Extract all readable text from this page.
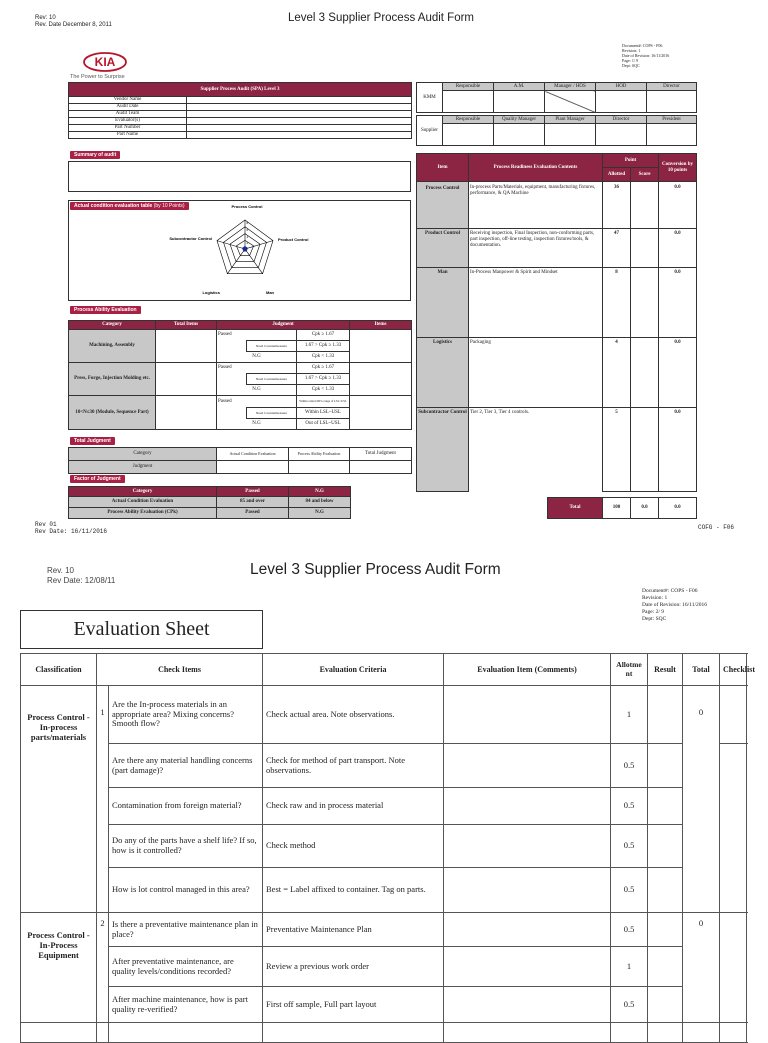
Rev: 10
Rev. Date December 8, 2011
Level 3 Supplier Process Audit Form
Document#: COPS - F06
Revision: 1
Date of Revision: 16/11/2016
Page: 1/ 9
Dept: SQC
KIA
The Power to Surprise
Supplier Process Audit (SPA) Level 3	
Vendor Name	
Audit Date	
Audit Team	
Evaluator(s)	
Part Number	
Part Name	
KMM	Responsible	A.M.	Manager / HOS	HOD	Director

Supplier	Responsible	Quality Manager	Plant Manager	Director	President

Summary of audit
Actual condition evaluation table (by 10 Points)	Process Control
Product Control
Man
Logistics
Subcontractor Control
8
6
4
2
Process Ability Evaluation
Category	Total Items	Judgment			Items
Machining, Assembly		Passed		Cpk ≥ 1.67	
			Need Countermeasure	1.67 > Cpk ≥ 1.33	
		N.G		Cpk < 1.33	
Press, Forge, Injection Molding etc.		Passed		Cpk ≥ 1.67	
			Need Countermeasure	1.67 > Cpk ≥ 1.33	
		N.G		Cpk < 1.33	
10<N≤30 (Module, Sequence Part)		Passed		Within central 60% range of LSL~USL	
			Need Countermeasure	Within LSL~USL	
		N.G		Out of LSL~USL	
Total Judgment
Category	Actual Condition Evaluation	Process Ability Evaluation	Total Judgment
Judgment			
Factor of Judgment
Category	Passed	N.G
Actual Condition Evaluation	85 and over	84 and below
Process Ability Evaluation (CPk)	Passed	N.G
Item	Process Readiness Evaluation Contents	Point		Conversion by 10 points
		Allotted	Score	
Process Control	In-process Parts/Materials, equipment, manufacturing fixtures, performance, & QA Machine	36		0.0
Product Control	Receiving inspection, Final Inspection, non-conforming parts, part inspection, off-line testing, inspection fixtures/tools, & documentation.	47		0.0
Man	In-Process Manpower & Spirit and Mindset	8		0.0
Logistics	Packaging	4		0.0
Subcontractor Control	Tier 2, Tier 3, Tier 4 controls.	5		0.0
Total	100	0.0	0.0
Rev 01
Rev Date: 16/11/2016
COFG - F06
Rev. 10
Rev Date: 12/08/11
Level 3 Supplier Process Audit Form
Document#: COPS - F06
Revision: 1
Date of Revision: 16/11/2016
Page: 2/ 9
Dept: SQC
Evaluation Sheet
Classification	Check Items		Evaluation Criteria	Evaluation Item (Comments)	Allotme nt	Result	Total	Checklist
Process Control - In-process parts/materials	1	Are the In-process materials in an appropriate area? Mixing concerns? Smooth flow?	Check actual area. Note observations.		1		0	
		Are there any material handling concerns (part damage)?	Check for method of part transport. Note observations.		0.5			
		Contamination from foreign material?	Check raw and in process material		0.5			
		Do any of the parts have a shelf life? If so, how is it controlled?	Check method		0.5			
		How is lot control managed in this area?	Best = Label affixed to container. Tag on parts.		0.5			
Process Control - In-Process Equipment	2	Is there a preventative maintenance plan in place?	Preventative Maintenance Plan		0.5		0	
		After preventative maintenance, are quality levels/conditions recorded?	Review a previous work order		1			
		After machine maintenance, how is part quality re-verified?	First off sample, Full part layout		0.5			
